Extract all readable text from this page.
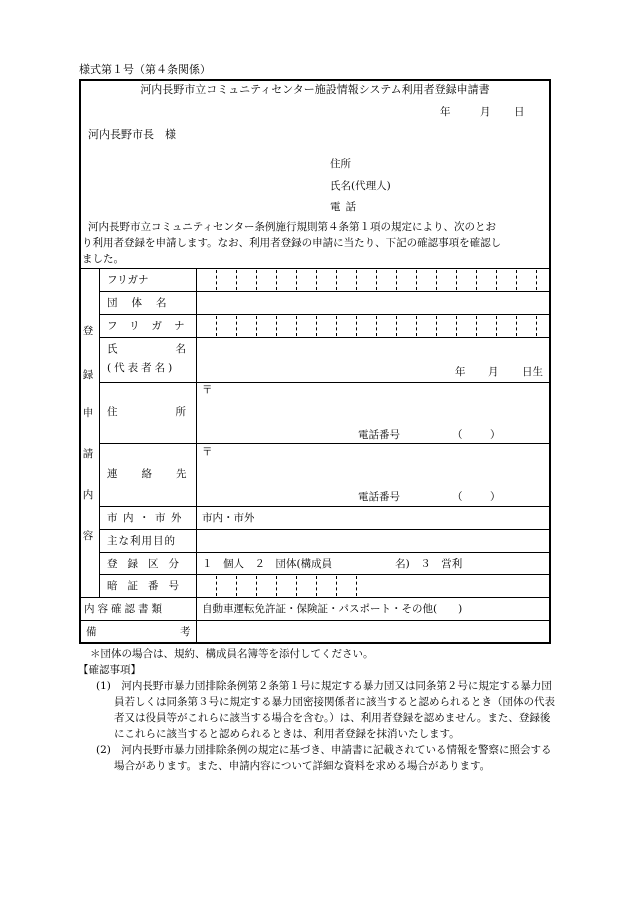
様式第１号（第４条関係）
河内長野市立コミュニティセンター施設情報システム利用者登録申請書
年	月 日
河内長野市長　様
住所
氏名(代理人)
電話
河内長野市立コミュニティセンター条例施行規則第４条第１項の規定により、次のとお
り利用者登録を申請します。なお、利用者登録の申請に当たり、下記の確認事項を確認し
ました。
登
録
申
請
内
容
フリガナ
団体名
フリガナ
氏名
(代表者名)	年 月 日生
〒
住所
電話番号	（	）
〒
連絡先
電話番号	（	）
市内・市外 市内・市外
主な利用目的
登録区分 １　個人　２　団体(構成員　　　　　　名)　３　営利
暗証番号
内容確認書類	自動車運転免許証・保険証・パスポート・その他(　　)
備	考

＊団体の場合は、規約、構成員名簿等を添付してください。

【確認事項】

(1)　河内長野市暴力団排除条例第２条第１号に規定する暴力団又は同条第２号に規定する暴力団員若しくは同条第３号に規定する暴力団密接関係者に該当すると認められるとき（団体の代表者又は役員等がこれらに該当する場合を含む。）は、利用者登録を認めません。また、登録後にこれらに該当すると認められるときは、利用者登録を抹消いたします。

(2)　河内長野市暴力団排除条例の規定に基づき、申請書に記載されている情報を警察に照会する場合があります。また、申請内容について詳細な資料を求める場合があります。
